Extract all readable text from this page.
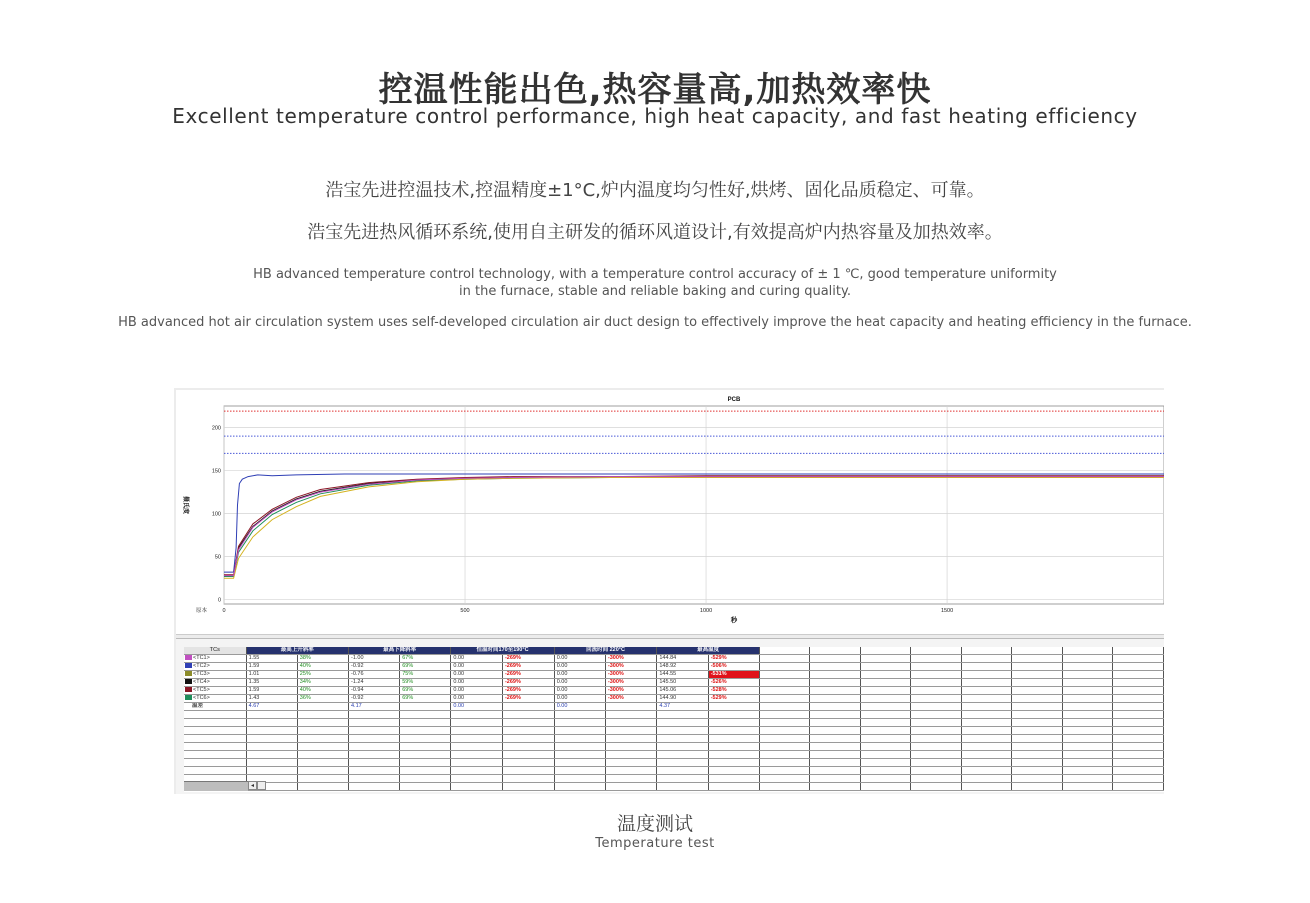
控温性能出色,热容量高,加热效率快
Excellent temperature control performance, high heat capacity, and fast heating efficiency
浩宝先进控温技术,控温精度±1°C,炉内温度均匀性好,烘烤、固化品质稳定、可靠。
浩宝先进热风循环系统,使用自主研发的循环风道设计,有效提高炉内热容量及加热效率。
HB advanced temperature control technology, with a temperature control accuracy of ± 1 ℃, good temperature uniformity
in the furnace, stable and reliable baking and curing quality.
HB advanced hot air circulation system uses self-developed circulation air duct design to effectively improve the heat capacity and heating efficiency in the furnace.
0
50
100
150
200
0	500	1000	1500
PCB
秒
摄氏度
原本
TCs	最高上升斜率		最高下降斜率		恒温时间170至190°C		回流时间 220°C		最高温度									
<TC1>	1.55	38%	-1.00	67%	0.00	-269%	0.00	-300%	144.84	-529%								
<TC2>	1.59	40%	-0.92	69%	0.00	-269%	0.00	-300%	148.92	-506%								
<TC3>	1.01	25%	-0.76	75%	0.00	-269%	0.00	-300%	144.55	-531%								
<TC4>	1.35	34%	-1.24	59%	0.00	-269%	0.00	-300%	145.50	-526%								
<TC5>	1.59	40%	-0.94	69%	0.00	-269%	0.00	-300%	145.06	-528%								
<TC6>	1.43	36%	-0.92	69%	0.00	-269%	0.00	-300%	144.90	-529%								
温差	4.67		4.17		0.00		0.00		4.37									

◂
温度测试
Temperature test
